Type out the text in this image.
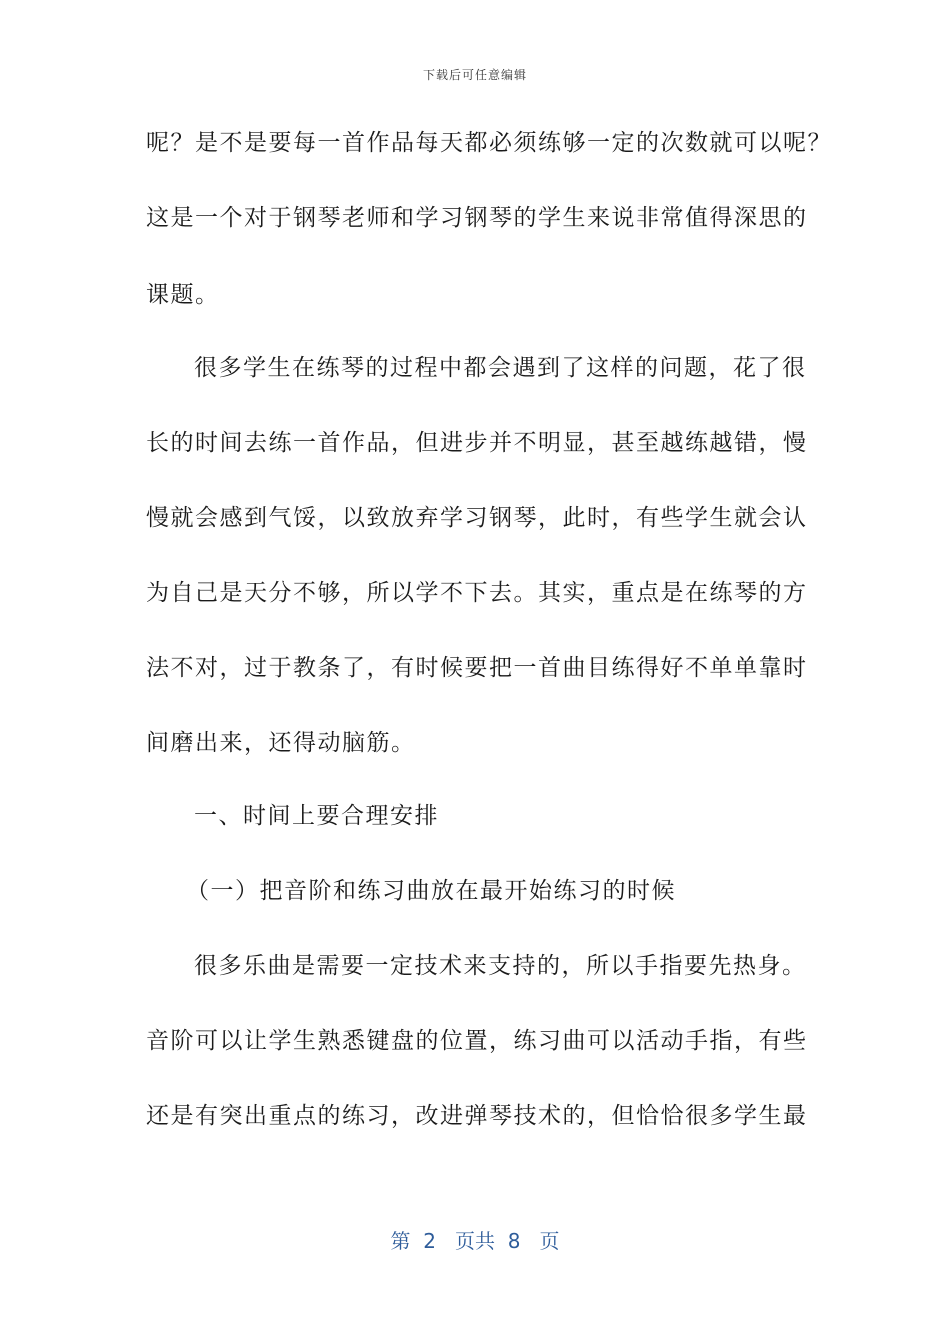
下载后可任意编辑
呢？是不是要每一首作品每天都必须练够一定的次数就可以呢？
这是一个对于钢琴老师和学习钢琴的学生来说非常值得深思的
课题。
很多学生在练琴的过程中都会遇到了这样的问题，花了很
长的时间去练一首作品，但进步并不明显，甚至越练越错，慢
慢就会感到气馁，以致放弃学习钢琴，此时，有些学生就会认
为自己是天分不够，所以学不下去。其实，重点是在练琴的方
法不对，过于教条了，有时候要把一首曲目练得好不单单靠时
间磨出来，还得动脑筋。
一、时间上要合理安排
（一）把音阶和练习曲放在最开始练习的时候
很多乐曲是需要一定技术来支持的，所以手指要先热身。
音阶可以让学生熟悉键盘的位置，练习曲可以活动手指，有些
还是有突出重点的练习，改进弹琴技术的，但恰恰很多学生最
第 2 页共 8 页
